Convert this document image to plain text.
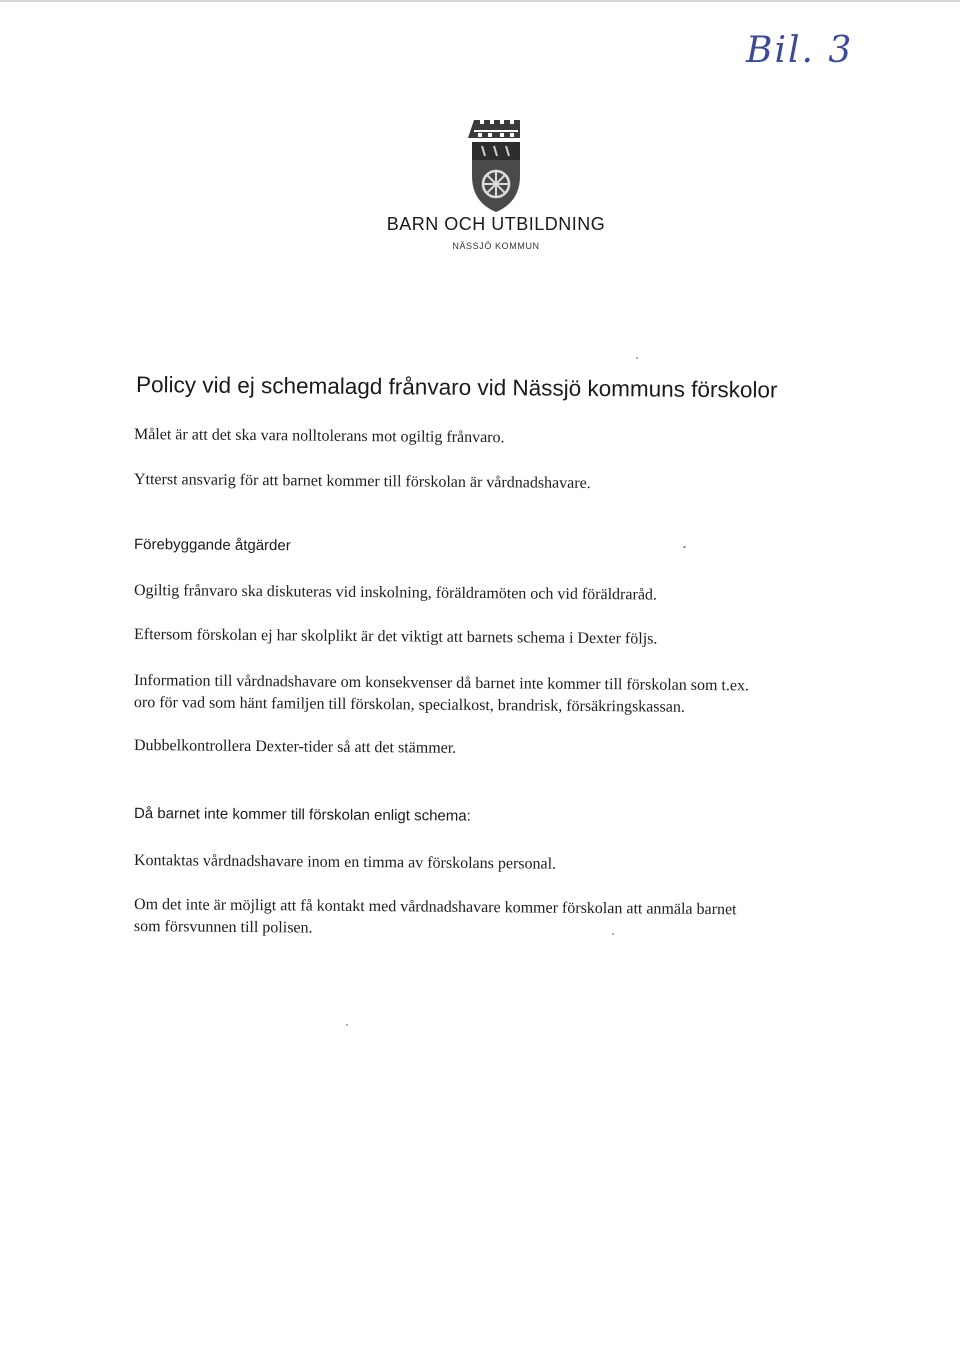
Bil. 3
BARN OCH UTBILDNING
NÄSSJÖ KOMMUN
Policy vid ej schemalagd frånvaro vid Nässjö kommuns förskolor
Målet är att det ska vara nolltolerans mot ogiltig frånvaro.
Ytterst ansvarig för att barnet kommer till förskolan är vårdnadshavare.
Förebyggande åtgärder
Ogiltig frånvaro ska diskuteras vid inskolning, föräldramöten och vid föräldraråd.
Eftersom förskolan ej har skolplikt är det viktigt att barnets schema i Dexter följs.
Information till vårdnadshavare om konsekvenser då barnet inte kommer till förskolan som t.ex.
oro för vad som hänt familjen till förskolan, specialkost, brandrisk, försäkringskassan.
Dubbelkontrollera Dexter-tider så att det stämmer.
Då barnet inte kommer till förskolan enligt schema:
Kontaktas vårdnadshavare inom en timma av förskolans personal.
Om det inte är möjligt att få kontakt med vårdnadshavare kommer förskolan att anmäla barnet
som försvunnen till polisen.
